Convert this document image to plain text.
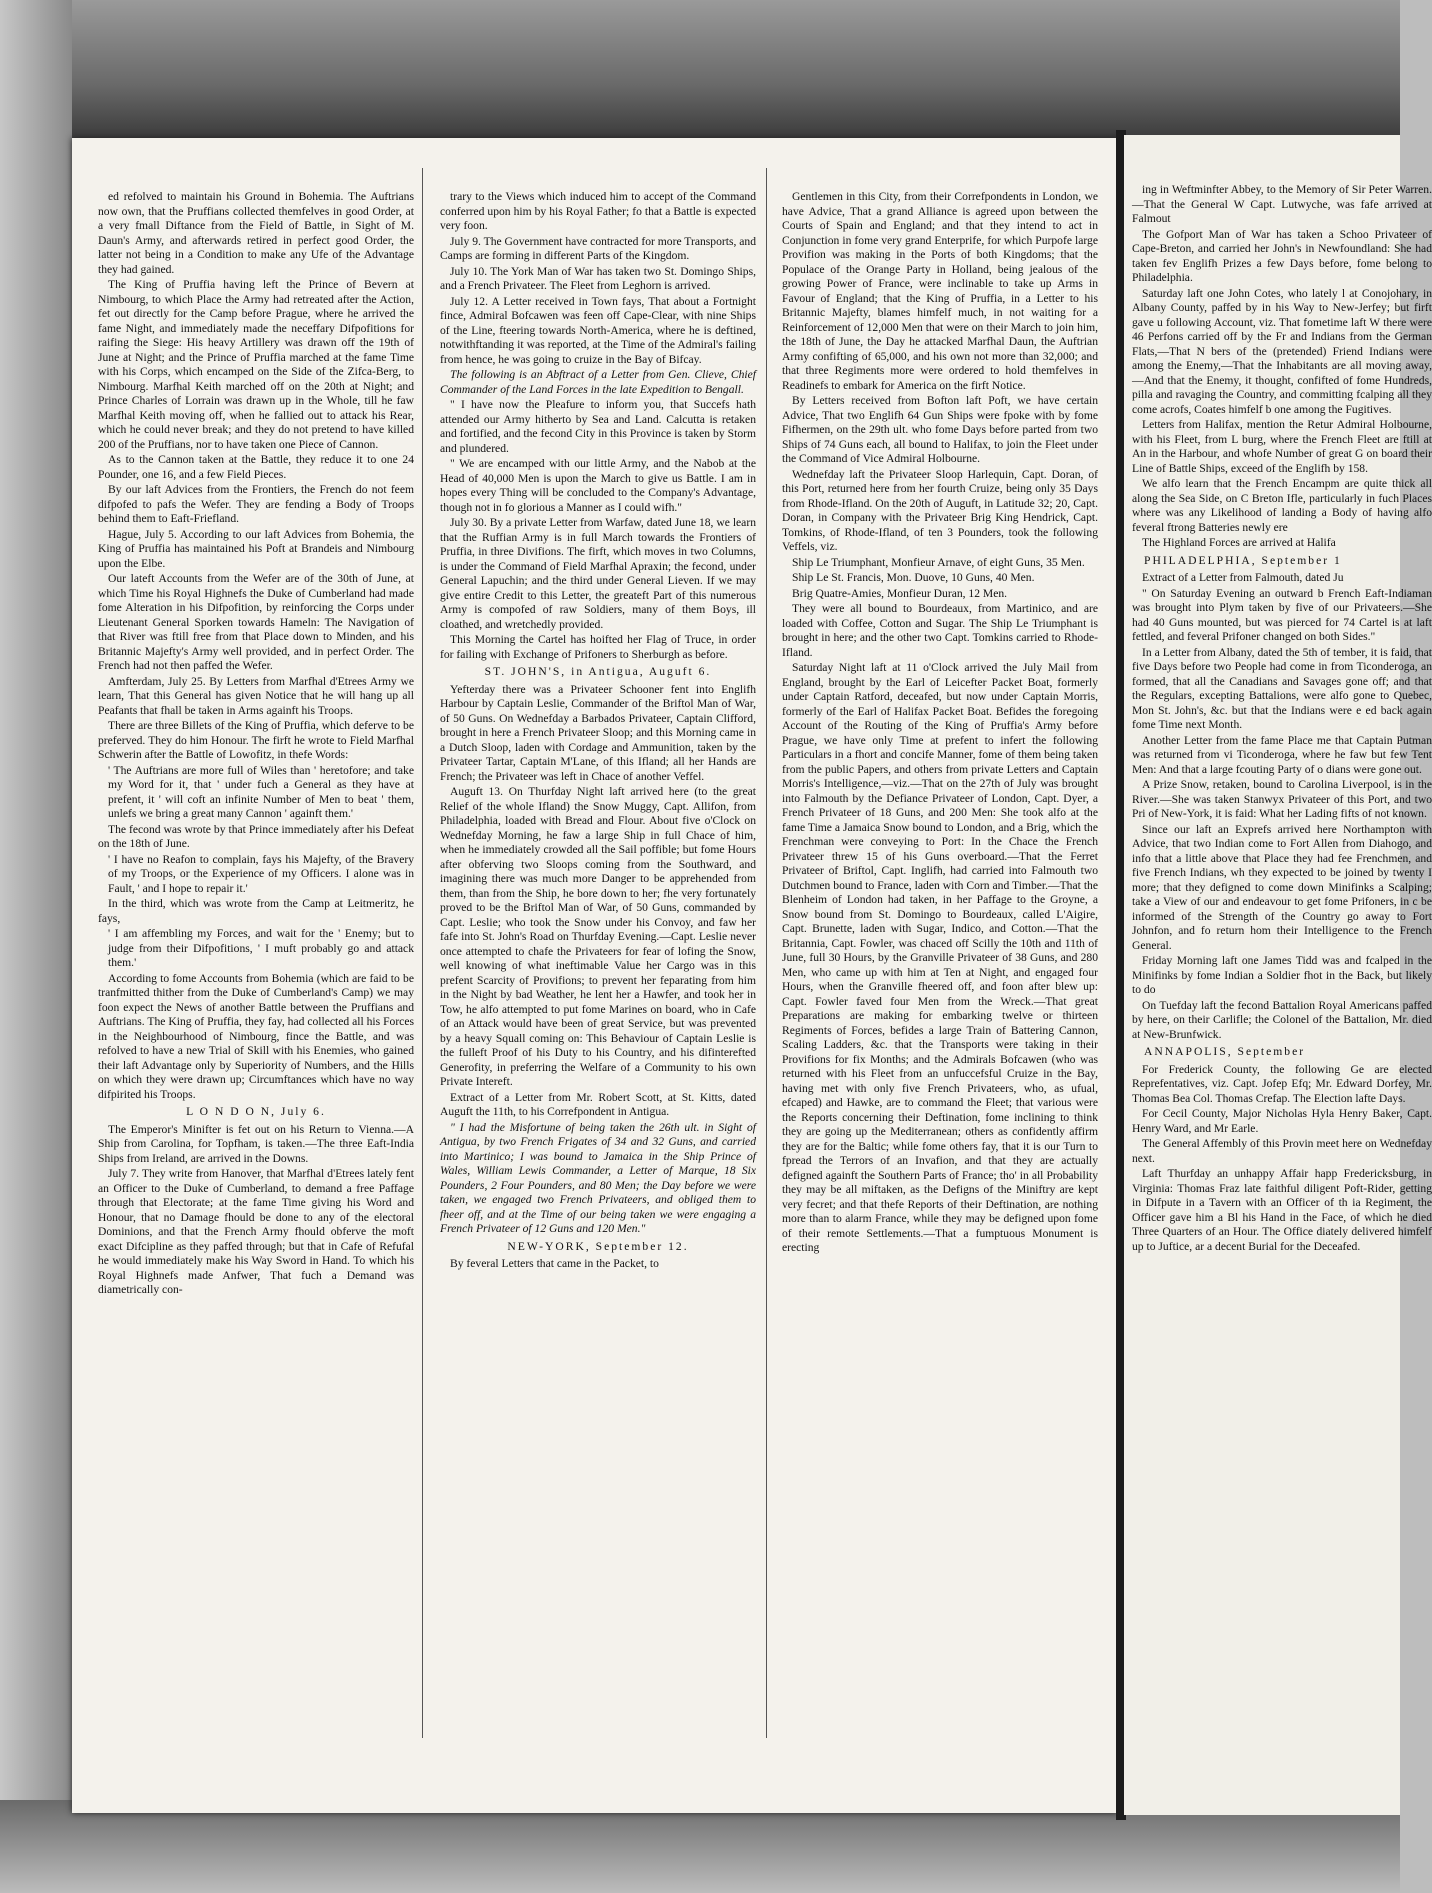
ed refolved to maintain his Ground in Bohemia. The Auftrians now own, that the Pruffians collected themfelves in good Order, at a very fmall Diftance from the Field of Battle, in Sight of M. Daun's Army, and afterwards retired in perfect good Order, the latter not being in a Condition to make any Ufe of the Advantage they had gained.

The King of Pruffia having left the Prince of Bevern at Nimbourg, to which Place the Army had retreated after the Action, fet out directly for the Camp before Prague, where he arrived the fame Night, and immediately made the neceffary Difpofitions for raifing the Siege: His heavy Artillery was drawn off the 19th of June at Night; and the Prince of Pruffia marched at the fame Time with his Corps, which encamped on the Side of the Zifca-Berg, to Nimbourg. Marfhal Keith marched off on the 20th at Night; and Prince Charles of Lorrain was drawn up in the Whole, till he faw Marfhal Keith moving off, when he fallied out to attack his Rear, which he could never break; and they do not pretend to have killed 200 of the Pruffians, nor to have taken one Piece of Cannon.

As to the Cannon taken at the Battle, they reduce it to one 24 Pounder, one 16, and a few Field Pieces.

By our laft Advices from the Frontiers, the French do not feem difpofed to pafs the Wefer. They are fending a Body of Troops behind them to Eaft-Friefland.

Hague, July 5. According to our laft Advices from Bohemia, the King of Pruffia has maintained his Poft at Brandeis and Nimbourg upon the Elbe.

Our lateft Accounts from the Wefer are of the 30th of June, at which Time his Royal Highnefs the Duke of Cumberland had made fome Alteration in his Difpofition, by reinforcing the Corps under Lieutenant General Sporken towards Hameln: The Navigation of that River was ftill free from that Place down to Minden, and his Britannic Majefty's Army well provided, and in perfect Order. The French had not then paffed the Wefer.

Amfterdam, July 25. By Letters from Marfhal d'Etrees Army we learn, That this General has given Notice that he will hang up all Peafants that fhall be taken in Arms againft his Troops.

There are three Billets of the King of Pruffia, which deferve to be preferved. They do him Honour. The firft he wrote to Field Marfhal Schwerin after the Battle of Lowofitz, in thefe Words:

' The Auftrians are more full of Wiles than ' heretofore; and take my Word for it, that ' under fuch a General as they have at prefent, it ' will coft an infinite Number of Men to beat ' them, unlefs we bring a great many Cannon ' againft them.'

The fecond was wrote by that Prince immediately after his Defeat on the 18th of June.

' I have no Reafon to complain, fays his Majefty, of the Bravery of my Troops, or the Experience of my Officers. I alone was in Fault, ' and I hope to repair it.'

In the third, which was wrote from the Camp at Leitmeritz, he fays,

' I am affembling my Forces, and wait for the ' Enemy; but to judge from their Difpofitions, ' I muft probably go and attack them.'

According to fome Accounts from Bohemia (which are faid to be tranfmitted thither from the Duke of Cumberland's Camp) we may foon expect the News of another Battle between the Pruffians and Auftrians. The King of Pruffia, they fay, had collected all his Forces in the Neighbourhood of Nimbourg, fince the Battle, and was refolved to have a new Trial of Skill with his Enemies, who gained their laft Advantage only by Superiority of Numbers, and the Hills on which they were drawn up; Circumftances which have no way difpirited his Troops.

L O N D O N, July 6.

The Emperor's Minifter is fet out on his Return to Vienna.—A Ship from Carolina, for Topfham, is taken.—The three Eaft-India Ships from Ireland, are arrived in the Downs.

July 7. They write from Hanover, that Marfhal d'Etrees lately fent an Officer to the Duke of Cumberland, to demand a free Paffage through that Electorate; at the fame Time giving his Word and Honour, that no Damage fhould be done to any of the electoral Dominions, and that the French Army fhould obferve the moft exact Difcipline as they paffed through; but that in Cafe of Refufal he would immediately make his Way Sword in Hand. To which his Royal Highnefs made Anfwer, That fuch a Demand was diametrically con-

trary to the Views which induced him to accept of the Command conferred upon him by his Royal Father; fo that a Battle is expected very foon.

July 9. The Government have contracted for more Transports, and Camps are forming in different Parts of the Kingdom.

July 10. The York Man of War has taken two St. Domingo Ships, and a French Privateer. The Fleet from Leghorn is arrived.

July 12. A Letter received in Town fays, That about a Fortnight fince, Admiral Bofcawen was feen off Cape-Clear, with nine Ships of the Line, fteering towards North-America, where he is deftined, notwithftanding it was reported, at the Time of the Admiral's failing from hence, he was going to cruize in the Bay of Bifcay.

The following is an Abftract of a Letter from Gen. Clieve, Chief Commander of the Land Forces in the late Expedition to Bengall.

" I have now the Pleafure to inform you, that Succefs hath attended our Army hitherto by Sea and Land. Calcutta is retaken and fortified, and the fecond City in this Province is taken by Storm and plundered.

" We are encamped with our little Army, and the Nabob at the Head of 40,000 Men is upon the March to give us Battle. I am in hopes every Thing will be concluded to the Company's Advantage, though not in fo glorious a Manner as I could wifh."

July 30. By a private Letter from Warfaw, dated June 18, we learn that the Ruffian Army is in full March towards the Frontiers of Pruffia, in three Divifions. The firft, which moves in two Columns, is under the Command of Field Marfhal Apraxin; the fecond, under General Lapuchin; and the third under General Lieven. If we may give entire Credit to this Letter, the greateft Part of this numerous Army is compofed of raw Soldiers, many of them Boys, ill cloathed, and wretchedly provided.

This Morning the Cartel has hoifted her Flag of Truce, in order for failing with Exchange of Prifoners to Sherburgh as before.

ST. JOHN'S, in Antigua, Auguft 6.

Yefterday there was a Privateer Schooner fent into Englifh Harbour by Captain Leslie, Commander of the Briftol Man of War, of 50 Guns. On Wednefday a Barbados Privateer, Captain Clifford, brought in here a French Privateer Sloop; and this Morning came in a Dutch Sloop, laden with Cordage and Ammunition, taken by the Privateer Tartar, Captain M'Lane, of this Ifland; all her Hands are French; the Privateer was left in Chace of another Veffel.

Auguft 13. On Thurfday Night laft arrived here (to the great Relief of the whole Ifland) the Snow Muggy, Capt. Allifon, from Philadelphia, loaded with Bread and Flour. About five o'Clock on Wednefday Morning, he faw a large Ship in full Chace of him, when he immediately crowded all the Sail poffible; but fome Hours after obferving two Sloops coming from the Southward, and imagining there was much more Danger to be apprehended from them, than from the Ship, he bore down to her; fhe very fortunately proved to be the Briftol Man of War, of 50 Guns, commanded by Capt. Leslie; who took the Snow under his Convoy, and faw her fafe into St. John's Road on Thurfday Evening.—Capt. Leslie never once attempted to chafe the Privateers for fear of lofing the Snow, well knowing of what ineftimable Value her Cargo was in this prefent Scarcity of Provifions; to prevent her feparating from him in the Night by bad Weather, he lent her a Hawfer, and took her in Tow, he alfo attempted to put fome Marines on board, who in Cafe of an Attack would have been of great Service, but was prevented by a heavy Squall coming on: This Behaviour of Captain Leslie is the fulleft Proof of his Duty to his Country, and his difinterefted Generofity, in preferring the Welfare of a Community to his own Private Intereft.

Extract of a Letter from Mr. Robert Scott, at St. Kitts, dated Auguft the 11th, to his Correfpondent in Antigua.

" I had the Misfortune of being taken the 26th ult. in Sight of Antigua, by two French Frigates of 34 and 32 Guns, and carried into Martinico; I was bound to Jamaica in the Ship Prince of Wales, William Lewis Commander, a Letter of Marque, 18 Six Pounders, 2 Four Pounders, and 80 Men; the Day before we were taken, we engaged two French Privateers, and obliged them to fheer off, and at the Time of our being taken we were engaging a French Privateer of 12 Guns and 120 Men."

NEW-YORK, September 12.

By feveral Letters that came in the Packet, to

Gentlemen in this City, from their Correfpondents in London, we have Advice, That a grand Alliance is agreed upon between the Courts of Spain and England; and that they intend to act in Conjunction in fome very grand Enterprife, for which Purpofe large Provifion was making in the Ports of both Kingdoms; that the Populace of the Orange Party in Holland, being jealous of the growing Power of France, were inclinable to take up Arms in Favour of England; that the King of Pruffia, in a Letter to his Britannic Majefty, blames himfelf much, in not waiting for a Reinforcement of 12,000 Men that were on their March to join him, the 18th of June, the Day he attacked Marfhal Daun, the Auftrian Army confifting of 65,000, and his own not more than 32,000; and that three Regiments more were ordered to hold themfelves in Readinefs to embark for America on the firft Notice.

By Letters received from Bofton laft Poft, we have certain Advice, That two Englifh 64 Gun Ships were fpoke with by fome Fifhermen, on the 29th ult. who fome Days before parted from two Ships of 74 Guns each, all bound to Halifax, to join the Fleet under the Command of Vice Admiral Holbourne.

Wednefday laft the Privateer Sloop Harlequin, Capt. Doran, of this Port, returned here from her fourth Cruize, being only 35 Days from Rhode-Ifland. On the 20th of Auguft, in Latitude 32; 20, Capt. Doran, in Company with the Privateer Brig King Hendrick, Capt. Tomkins, of Rhode-Ifland, of ten 3 Pounders, took the following Veffels, viz.

Ship Le Triumphant, Monfieur Arnave, of eight Guns, 35 Men.

Ship Le St. Francis, Mon. Duove, 10 Guns, 40 Men.

Brig Quatre-Amies, Monfieur Duran, 12 Men.

They were all bound to Bourdeaux, from Martinico, and are loaded with Coffee, Cotton and Sugar. The Ship Le Triumphant is brought in here; and the other two Capt. Tomkins carried to Rhode-Ifland.

Saturday Night laft at 11 o'Clock arrived the July Mail from England, brought by the Earl of Leicefter Packet Boat, formerly under Captain Ratford, deceafed, but now under Captain Morris, formerly of the Earl of Halifax Packet Boat. Befides the foregoing Account of the Routing of the King of Pruffia's Army before Prague, we have only Time at prefent to infert the following Particulars in a fhort and concife Manner, fome of them being taken from the public Papers, and others from private Letters and Captain Morris's Intelligence,—viz.—That on the 27th of July was brought into Falmouth by the Defiance Privateer of London, Capt. Dyer, a French Privateer of 18 Guns, and 200 Men: She took alfo at the fame Time a Jamaica Snow bound to London, and a Brig, which the Frenchman were conveying to Port: In the Chace the French Privateer threw 15 of his Guns overboard.—That the Ferret Privateer of Briftol, Capt. Inglifh, had carried into Falmouth two Dutchmen bound to France, laden with Corn and Timber.—That the Blenheim of London had taken, in her Paffage to the Groyne, a Snow bound from St. Domingo to Bourdeaux, called L'Aigire, Capt. Brunette, laden with Sugar, Indico, and Cotton.—That the Britannia, Capt. Fowler, was chaced off Scilly the 10th and 11th of June, full 30 Hours, by the Granville Privateer of 38 Guns, and 280 Men, who came up with him at Ten at Night, and engaged four Hours, when the Granville fheered off, and foon after blew up: Capt. Fowler faved four Men from the Wreck.—That great Preparations are making for embarking twelve or thirteen Regiments of Forces, befides a large Train of Battering Cannon, Scaling Ladders, &c. that the Transports were taking in their Provifions for fix Months; and the Admirals Bofcawen (who was returned with his Fleet from an unfuccefsful Cruize in the Bay, having met with only five French Privateers, who, as ufual, efcaped) and Hawke, are to command the Fleet; that various were the Reports concerning their Deftination, fome inclining to think they are going up the Mediterranean; others as confidently affirm they are for the Baltic; while fome others fay, that it is our Turn to fpread the Terrors of an Invafion, and that they are actually defigned againft the Southern Parts of France; tho' in all Probability they may be all miftaken, as the Defigns of the Miniftry are kept very fecret; and that thefe Reports of their Deftination, are nothing more than to alarm France, while they may be defigned upon fome of their remote Settlements.—That a fumptuous Monument is erecting

ing in Weftminfter Abbey, to the Memory of Sir Peter Warren.—That the General W Capt. Lutwyche, was fafe arrived at Falmout

The Gofport Man of War has taken a Schoo Privateer of Cape-Breton, and carried her John's in Newfoundland: She had taken fev Englifh Prizes a few Days before, fome belong to Philadelphia.

Saturday laft one John Cotes, who lately l at Conojohary, in Albany County, paffed by in his Way to New-Jerfey; but firft gave u following Account, viz. That fometime laft W there were 46 Perfons carried off by the Fr and Indians from the German Flats,—That N bers of the (pretended) Friend Indians were among the Enemy,—That the Inhabitants are all moving away,—And that the Enemy, it thought, confifted of fome Hundreds, pilla and ravaging the Country, and committing fcalping all they come acrofs, Coates himfelf b one among the Fugitives.

Letters from Halifax, mention the Retur Admiral Holbourne, with his Fleet, from L burg, where the French Fleet are ftill at An in the Harbour, and whofe Number of great G on board their Line of Battle Ships, exceed of the Englifh by 158.

We alfo learn that the French Encampm are quite thick all along the Sea Side, on C Breton Ifle, particularly in fuch Places where was any Likelihood of landing a Body of having alfo feveral ftrong Batteries newly ere

The Highland Forces are arrived at Halifa

PHILADELPHIA, September 1

Extract of a Letter from Falmouth, dated Ju

" On Saturday Evening an outward b French Eaft-Indiaman was brought into Plym taken by five of our Privateers.—She had 40 Guns mounted, but was pierced for 74 Cartel is at laft fettled, and feveral Prifoner changed on both Sides."

In a Letter from Albany, dated the 5th of tember, it is faid, that five Days before two People had come in from Ticonderoga, an formed, that all the Canadians and Savages gone off; and that the Regulars, excepting Battalions, were alfo gone to Quebec, Mon St. John's, &c. but that the Indians were e ed back again fome Time next Month.

Another Letter from the fame Place me that Captain Putman was returned from vi Ticonderoga, where he faw but few Tent Men: And that a large fcouting Party of o dians were gone out.

A Prize Snow, retaken, bound to Carolina Liverpool, is in the River.—She was taken Stanwyx Privateer of this Port, and two Pri of New-York, it is faid: What her Lading fifts of not known.

Since our laft an Exprefs arrived here Northampton with Advice, that two Indian come to Fort Allen from Diahogo, and info that a little above that Place they had fee Frenchmen, and five French Indians, wh they expected to be joined by twenty I more; that they defigned to come down Minifinks a Scalping; take a View of our and endeavour to get fome Prifoners, in c be informed of the Strength of the Country go away to Fort Johnfon, and fo return hom their Intelligence to the French General.

Friday Morning laft one James Tidd was and fcalped in the Minifinks by fome Indian a Soldier fhot in the Back, but likely to do

On Tuefday laft the fecond Battalion Royal Americans paffed by here, on their Carlifle; the Colonel of the Battalion, Mr. died at New-Brunfwick.

ANNAPOLIS, September

For Frederick County, the following Ge are elected Reprefentatives, viz. Capt. Jofep Efq; Mr. Edward Dorfey, Mr. Thomas Bea Col. Thomas Crefap. The Election lafte Days.

For Cecil County, Major Nicholas Hyla Henry Baker, Capt. Henry Ward, and Mr Earle.

The General Affembly of this Provin meet here on Wednefday next.

Laft Thurfday an unhappy Affair happ Fredericksburg, in Virginia: Thomas Fraz late faithful diligent Poft-Rider, getting in Difpute in a Tavern with an Officer of th ia Regiment, the Officer gave him a Bl his Hand in the Face, of which he died Three Quarters of an Hour. The Office diately delivered himfelf up to Juftice, ar a decent Burial for the Deceafed.
